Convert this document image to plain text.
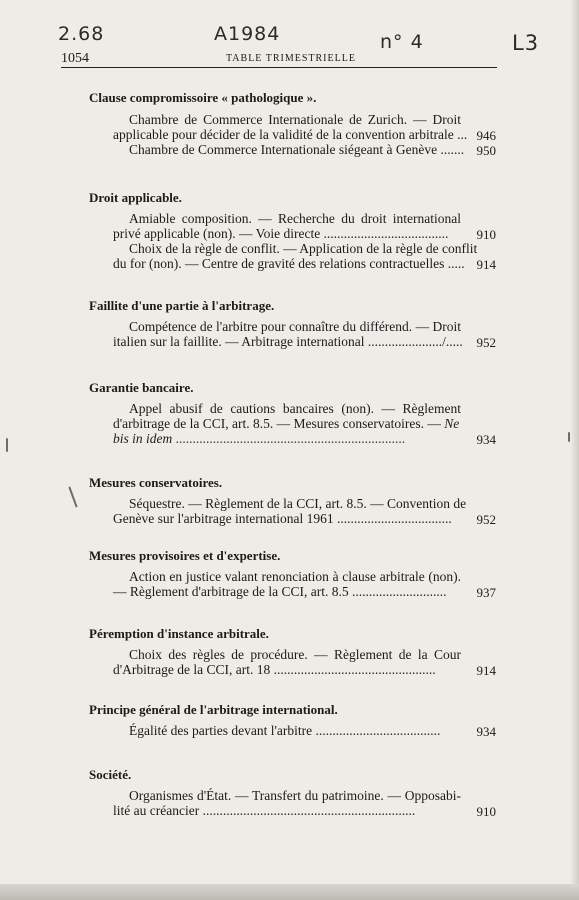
2.68	A1984	n° 4	L3
1054	TABLE TRIMESTRIELLE
Clause compromissoire « pathologique ».
Chambre de Commerce Internationale de Zurich. — Droit
applicable pour décider de la validité de la convention arbitrale ... 946
Chambre de Commerce Internationale siégeant à Genève ....... 950
Droit applicable.
Amiable composition. — Recherche du droit international
privé applicable (non). — Voie directe ..................................... 910
Choix de la règle de conflit. — Application de la règle de conflit
du for (non). — Centre de gravité des relations contractuelles ..... 914
Faillite d'une partie à l'arbitrage.
Compétence de l'arbitre pour connaître du différend. — Droit
italien sur la faillite. — Arbitrage international ....................../..... 952
Garantie bancaire.
Appel abusif de cautions bancaires (non). — Règlement
d'arbitrage de la CCI, art. 8.5. — Mesures conservatoires. — Ne
bis in idem ....................................................................	934
Mesures conservatoires.
Séquestre. — Règlement de la CCI, art. 8.5. — Convention de
Genève sur l'arbitrage international 1961 .................................. 952
Mesures provisoires et d'expertise.
Action en justice valant renonciation à clause arbitrale (non).
— Règlement d'arbitrage de la CCI, art. 8.5 ............................ 937
Péremption d'instance arbitrale.
Choix des règles de procédure. — Règlement de la Cour
d'Arbitrage de la CCI, art. 18 ................................................	914
Principe général de l'arbitrage international.
Égalité des parties devant l'arbitre .....................................	934
Société.
Organismes d'État. — Transfert du patrimoine. — Opposabi-
lité au créancier ...............................................................	910
